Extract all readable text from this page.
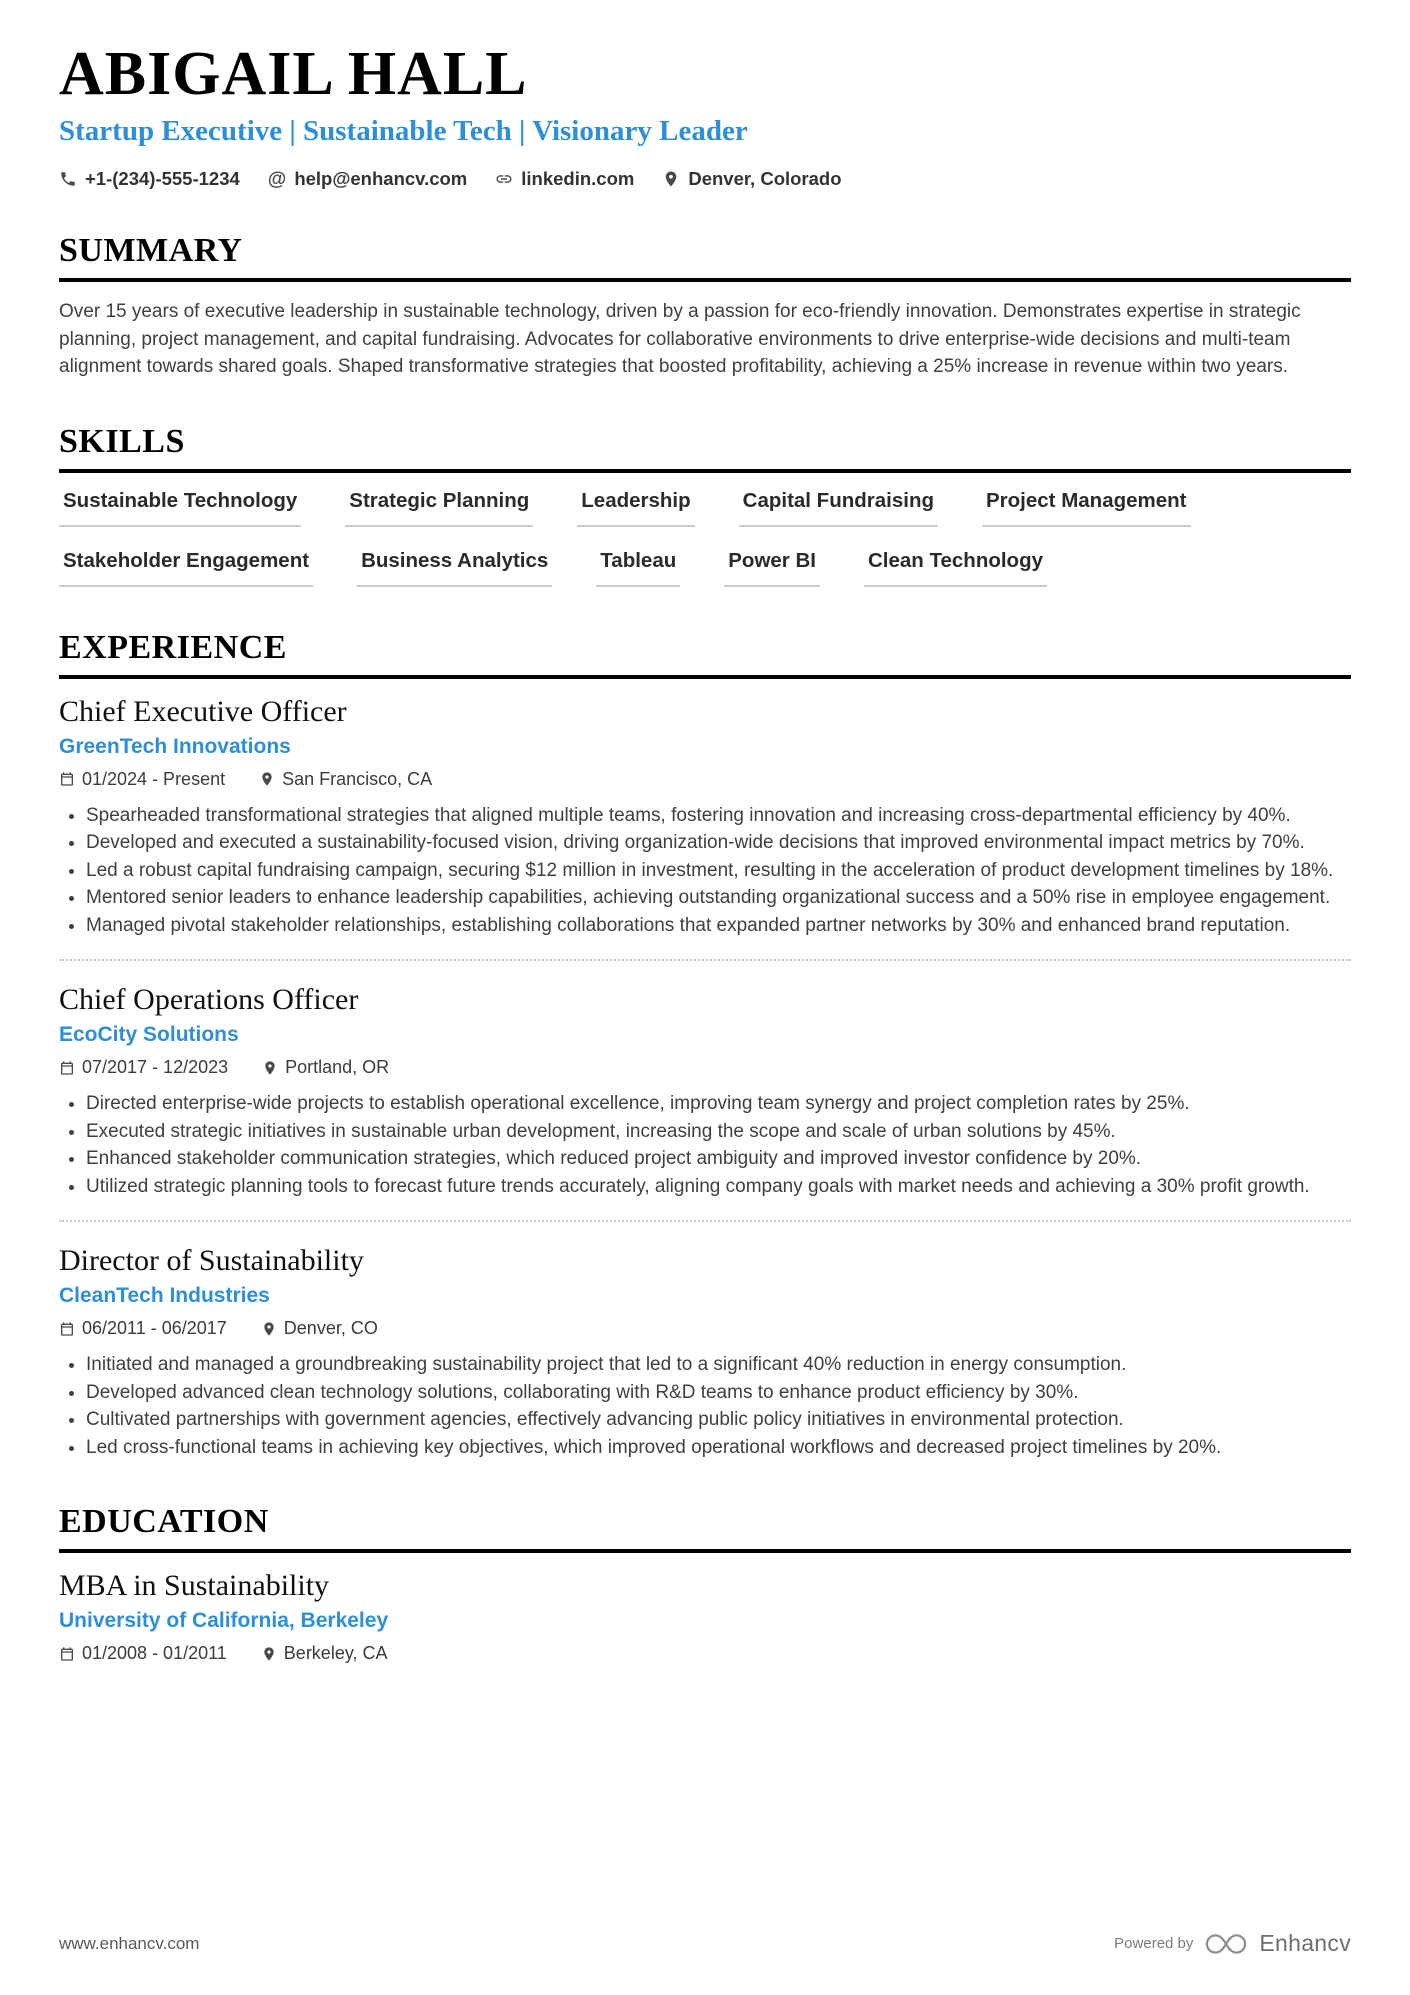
ABIGAIL HALL
Startup Executive | Sustainable Tech | Visionary Leader
+1-(234)-555-1234 @ help@enhancv.com	linkedin.com	Denver, Colorado
SUMMARY

Over 15 years of executive leadership in sustainable technology, driven by a passion for eco-friendly innovation. Demonstrates expertise in strategic planning, project management, and capital fundraising. Advocates for collaborative environments to drive enterprise-wide decisions and multi-team alignment towards shared goals. Shaped transformative strategies that boosted profitability, achieving a 25% increase in revenue within two years.

SKILLS
Sustainable Technology	Strategic Planning	Leadership	Capital Fundraising	Project Management
Stakeholder Engagement	Business Analytics	Tableau	Power BI	Clean Technology
EXPERIENCE
Chief Executive Officer
GreenTech Innovations
01/2024 - Present	San Francisco, CA
• Spearheaded transformational strategies that aligned multiple teams, fostering innovation and increasing cross-departmental efficiency by 40%.
• Developed and executed a sustainability-focused vision, driving organization-wide decisions that improved environmental impact metrics by 70%.
• Led a robust capital fundraising campaign, securing $12 million in investment, resulting in the acceleration of product development timelines by 18%.
• Mentored senior leaders to enhance leadership capabilities, achieving outstanding organizational success and a 50% rise in employee engagement.
• Managed pivotal stakeholder relationships, establishing collaborations that expanded partner networks by 30% and enhanced brand reputation.
Chief Operations Officer
EcoCity Solutions
07/2017 - 12/2023	Portland, OR
• Directed enterprise-wide projects to establish operational excellence, improving team synergy and project completion rates by 25%.
• Executed strategic initiatives in sustainable urban development, increasing the scope and scale of urban solutions by 45%.
• Enhanced stakeholder communication strategies, which reduced project ambiguity and improved investor confidence by 20%.
• Utilized strategic planning tools to forecast future trends accurately, aligning company goals with market needs and achieving a 30% profit growth.
Director of Sustainability
CleanTech Industries
06/2011 - 06/2017	Denver, CO
• Initiated and managed a groundbreaking sustainability project that led to a significant 40% reduction in energy consumption.
• Developed advanced clean technology solutions, collaborating with R&D teams to enhance product efficiency by 30%.
• Cultivated partnerships with government agencies, effectively advancing public policy initiatives in environmental protection.
• Led cross-functional teams in achieving key objectives, which improved operational workflows and decreased project timelines by 20%.
EDUCATION
MBA in Sustainability
University of California, Berkeley
01/2008 - 01/2011	Berkeley, CA
www.enhancv.com	Powered by	Enhancv
